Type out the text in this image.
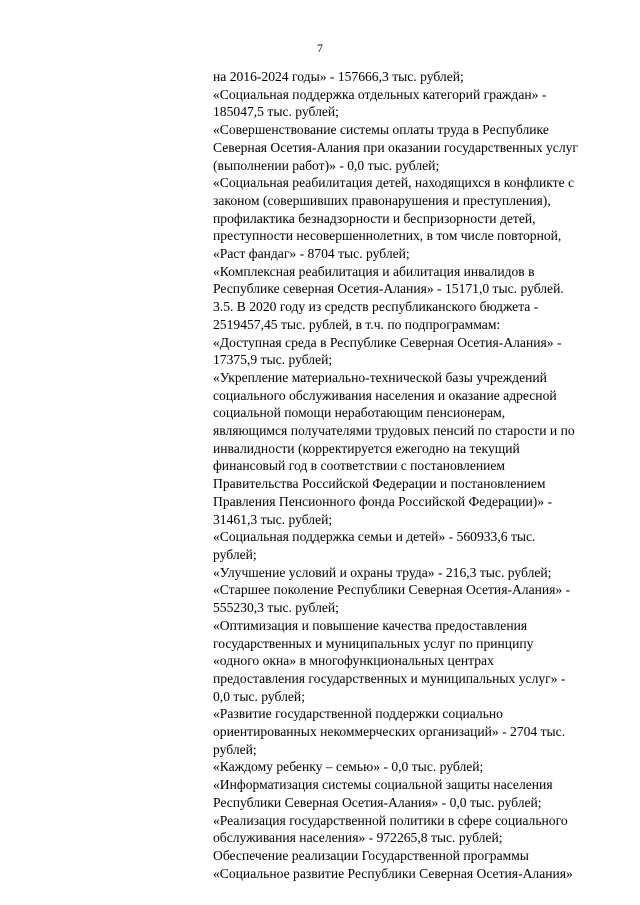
7
на 2016-2024 годы» - 157666,3 тыс. рублей;
«Социальная поддержка отдельных категорий граждан» -
185047,5 тыс. рублей;
«Совершенствование системы оплаты труда в Республике
Северная Осетия-Алания при оказании государственных услуг
(выполнении работ)» - 0,0 тыс. рублей;
«Социальная реабилитация детей, находящихся в конфликте с
законом (совершивших правонарушения и преступления),
профилактика безнадзорности и беспризорности детей,
преступности несовершеннолетних, в том числе повторной,
«Раст фандаг» - 8704 тыс. рублей;
«Комплексная реабилитация и абилитация инвалидов в
Республике северная Осетия-Алания» - 15171,0 тыс. рублей.
3.5. В 2020 году из средств республиканского бюджета -
2519457,45 тыс. рублей, в т.ч. по подпрограммам:
«Доступная среда в Республике Северная Осетия-Алания» -
17375,9 тыс. рублей;
«Укрепление материально-технической базы учреждений
социального обслуживания населения и оказание адресной
социальной помощи неработающим пенсионерам,
являющимся получателями трудовых пенсий по старости и по
инвалидности (корректируется ежегодно на текущий
финансовый год в соответствии с постановлением
Правительства Российской Федерации и постановлением
Правления Пенсионного фонда Российской Федерации)» -
31461,3 тыс. рублей;
«Социальная поддержка семьи и детей» - 560933,6 тыс.
рублей;
«Улучшение условий и охраны труда» - 216,3 тыс. рублей;
«Старшее поколение Республики Северная Осетия-Алания» -
555230,3 тыс. рублей;
«Оптимизация и повышение качества предоставления
государственных и муниципальных услуг по принципу
«одного окна» в многофункциональных центрах
предоставления государственных и муниципальных услуг» -
0,0 тыс. рублей;
«Развитие государственной поддержки социально
ориентированных некоммерческих организаций» - 2704 тыс.
рублей;
«Каждому ребенку – семью» - 0,0 тыс. рублей;
«Информатизация системы социальной защиты населения
Республики Северная Осетия-Алания» - 0,0 тыс. рублей;
«Реализация государственной политики в сфере социального
обслуживания населения» - 972265,8 тыс. рублей;
Обеспечение реализации Государственной программы
«Социальное развитие Республики Северная Осетия-Алания»
